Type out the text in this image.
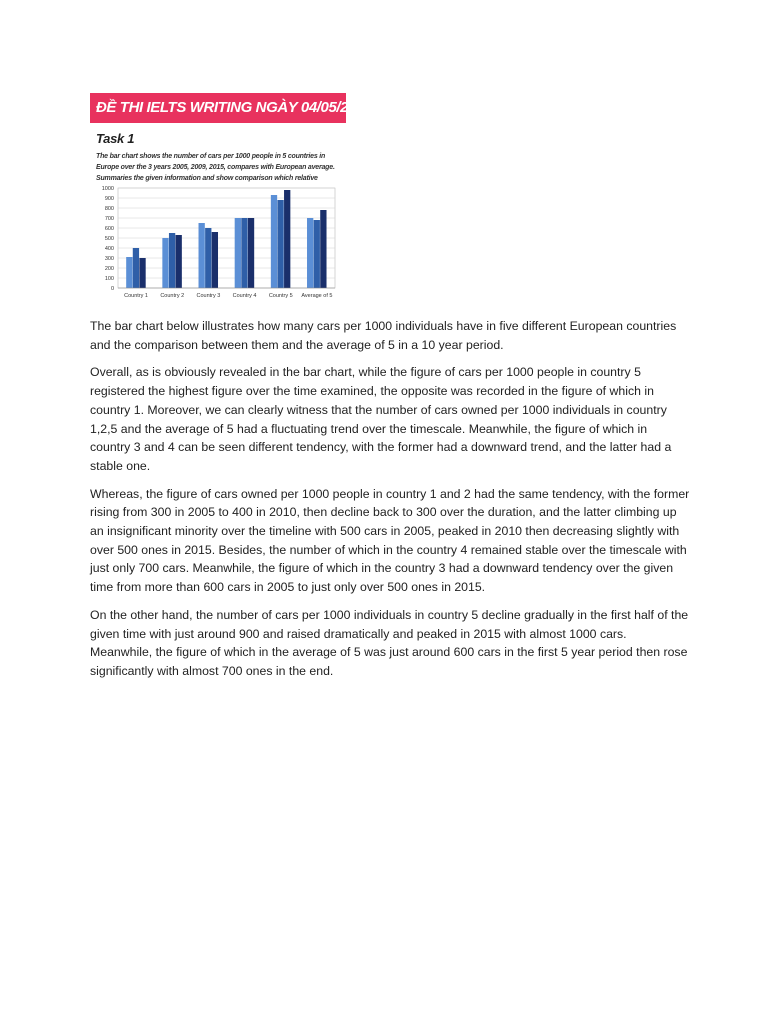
ĐỀ THI IELTS WRITING NGÀY 04/05/2019
Task 1
The bar chart shows the number of cars per 1000 people in 5 countries in Europe over the 3 years 2005, 2009, 2015, compares with European average. Summaries the given information and show comparison which relative
0
100
200
300
400
500
600
700
800
900
1000
Country 1 Country 2 Country 3 Country 4 Country 5 Average of 5

The bar chart below illustrates how many cars per 1000 individuals have in five different European countries and the comparison between them and the average of 5 in a 10 year period.

Overall, as is obviously revealed in the bar chart, while the figure of cars per 1000 people in country 5 registered the highest figure over the time examined, the opposite was recorded in the figure of which in country 1. Moreover, we can clearly witness that the number of cars owned per 1000 individuals in country 1,2,5 and the average of 5 had a fluctuating trend over the timescale. Meanwhile, the figure of which in country 3 and 4 can be seen different tendency, with the former had a downward trend, and the latter had a stable one.

Whereas, the figure of cars owned per 1000 people in country 1 and 2 had the same tendency, with the former rising from 300 in 2005 to 400 in 2010, then decline back to 300 over the duration, and the latter climbing up an insignificant minority over the timeline with 500 cars in 2005, peaked in 2010 then decreasing slightly with over 500 ones in 2015. Besides, the number of which in the country 4 remained stable over the timescale with just only 700 cars. Meanwhile, the figure of which in the country 3 had a downward tendency over the given time from more than 600 cars in 2005 to just only over 500 ones in 2015.

On the other hand, the number of cars per 1000 individuals in country 5 decline gradually in the first half of the given time with just around 900 and raised dramatically and peaked in 2015 with almost 1000 cars. Meanwhile, the figure of which in the average of 5 was just around 600 cars in the first 5 year period then rose significantly with almost 700 ones in the end.
